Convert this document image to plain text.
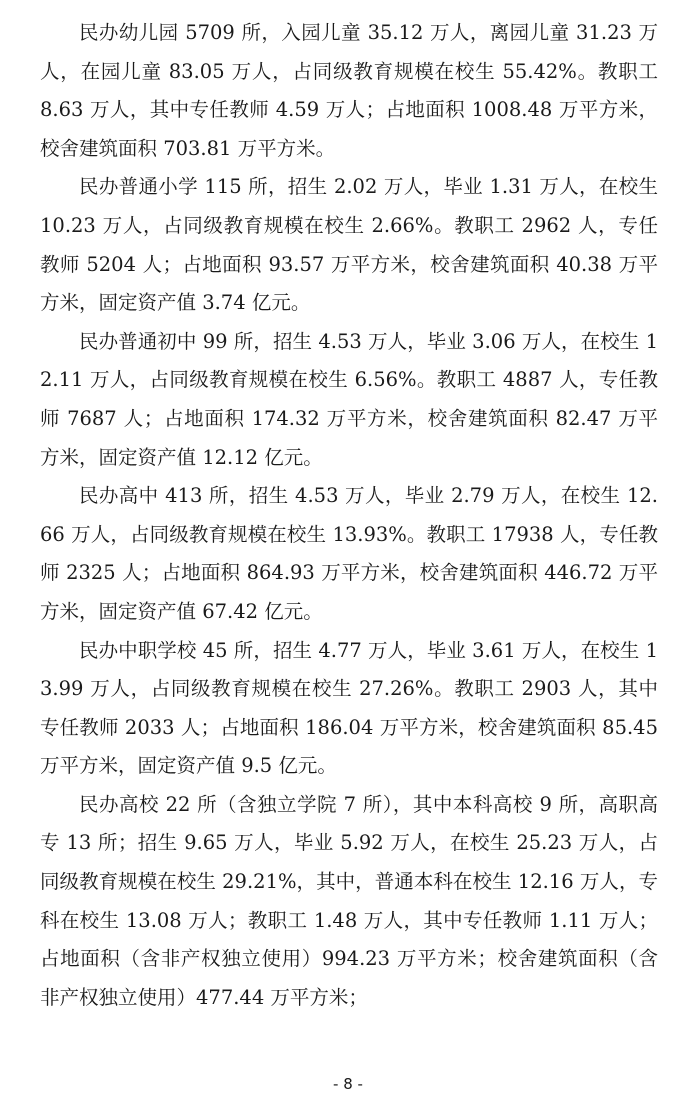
民办幼儿园 5709 所，入园儿童 35.12 万人，离园儿童 31.23 万人，在园儿童 83.05 万人，占同级教育规模在校生 55.42%。教职工 8.63 万人，其中专任教师 4.59 万人；占地面积 1008.48 万平方米，校舍建筑面积 703.81 万平方米。

民办普通小学 115 所，招生 2.02 万人，毕业 1.31 万人，在校生 10.23 万人，占同级教育规模在校生 2.66%。教职工 2962 人，专任教师 5204 人；占地面积 93.57 万平方米，校舍建筑面积 40.38 万平方米，固定资产值 3.74 亿元。

民办普通初中 99 所，招生 4.53 万人，毕业 3.06 万人，在校生 12.11 万人，占同级教育规模在校生 6.56%。教职工 4887 人，专任教师 7687 人；占地面积 174.32 万平方米，校舍建筑面积 82.47 万平方米，固定资产值 12.12 亿元。

民办高中 413 所，招生 4.53 万人，毕业 2.79 万人，在校生 12.66 万人，占同级教育规模在校生 13.93%。教职工 17938 人，专任教师 2325 人；占地面积 864.93 万平方米，校舍建筑面积 446.72 万平方米，固定资产值 67.42 亿元。

民办中职学校 45 所，招生 4.77 万人，毕业 3.61 万人，在校生 13.99 万人，占同级教育规模在校生 27.26%。教职工 2903 人，其中专任教师 2033 人；占地面积 186.04 万平方米，校舍建筑面积 85.45 万平方米，固定资产值 9.5 亿元。

民办高校 22 所（含独立学院 7 所），其中本科高校 9 所，高职高专 13 所；招生 9.65 万人，毕业 5.92 万人，在校生 25.23 万人，占同级教育规模在校生 29.21%，其中，普通本科在校生 12.16 万人，专科在校生 13.08 万人；教职工 1.48 万人，其中专任教师 1.11 万人；占地面积（含非产权独立使用）994.23 万平方米；校舍建筑面积（含非产权独立使用）477.44 万平方米；

- 8 -
